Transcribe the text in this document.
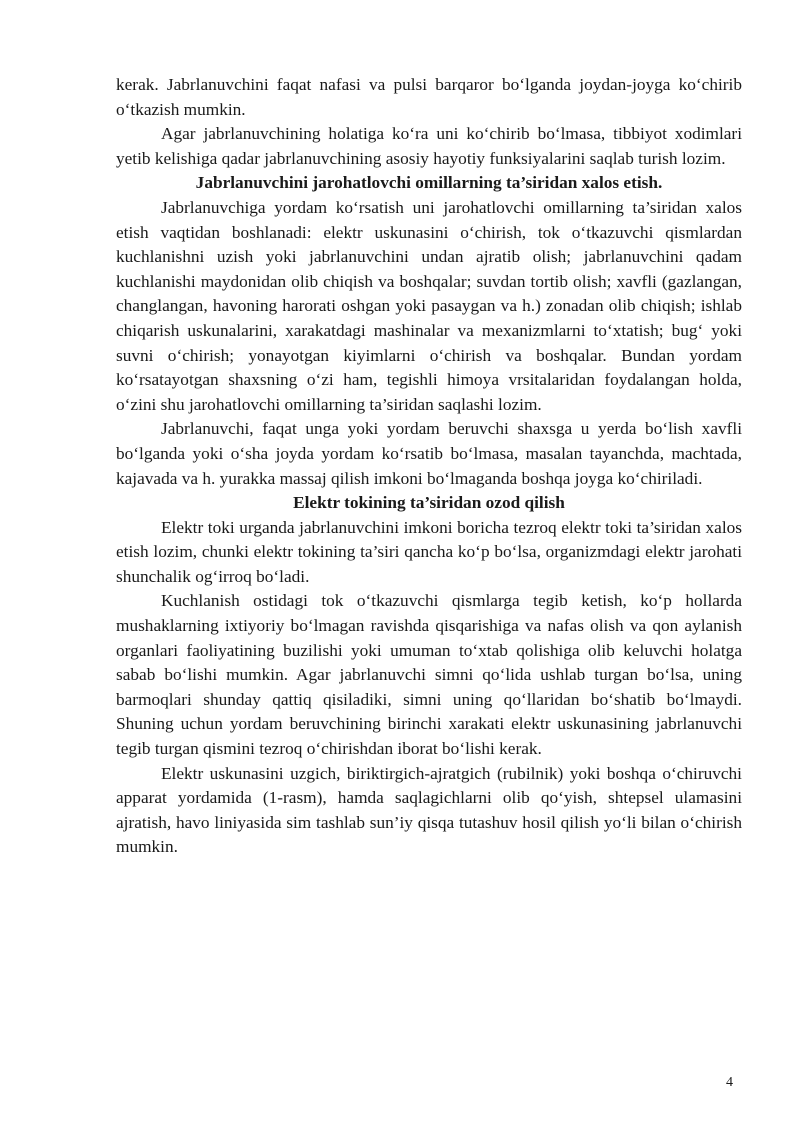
kerak. Jabrlanuvchini faqat nafasi va pulsi barqaror bo‘lganda joydan-joyga ko‘chirib o‘tkazish mumkin.

Agar jabrlanuvchining holatiga ko‘ra uni ko‘chirib bo‘lmasa, tibbiyot xodimlari yetib kelishiga qadar jabrlanuvchining asosiy hayotiy funksiyalarini saqlab turish lozim.

Jabrlanuvchini jarohatlovchi omillarning ta’siridan xalos etish.

Jabrlanuvchiga yordam ko‘rsatish uni jarohatlovchi omillarning ta’siridan xalos etish vaqtidan boshlanadi: elektr uskunasini o‘chirish, tok o‘tkazuvchi qismlardan kuchlanishni uzish yoki jabrlanuvchini undan ajratib olish; jabrlanuvchini qadam kuchlanishi maydonidan olib chiqish va boshqalar; suvdan tortib olish; xavfli (gazlangan, changlangan, havoning harorati oshgan yoki pasaygan va h.) zonadan olib chiqish; ishlab chiqarish uskunalarini, xarakatdagi mashinalar va mexanizmlarni to‘xtatish; bug‘ yoki suvni o‘chirish; yonayotgan kiyimlarni o‘chirish va boshqalar. Bundan yordam ko‘rsatayotgan shaxsning o‘zi ham, tegishli himoya vrsitalaridan foydalangan holda, o‘zini shu jarohatlovchi omillarning ta’siridan saqlashi lozim.

Jabrlanuvchi, faqat unga yoki yordam beruvchi shaxsga u yerda bo‘lish xavfli bo‘lganda yoki o‘sha joyda yordam ko‘rsatib bo‘lmasa, masalan tayanchda, machtada, kajavada va h. yurakka massaj qilish imkoni bo‘lmaganda boshqa joyga ko‘chiriladi.

Elektr tokining ta’siridan ozod qilish

Elektr toki urganda jabrlanuvchini imkoni boricha tezroq elektr toki ta’siridan xalos etish lozim, chunki elektr tokining ta’siri qancha ko‘p bo‘lsa, organizmdagi elektr jarohati shunchalik og‘irroq bo‘ladi.

Kuchlanish ostidagi tok o‘tkazuvchi qismlarga tegib ketish, ko‘p hollarda mushaklarning ixtiyoriy bo‘lmagan ravishda qisqarishiga va nafas olish va qon aylanish organlari faoliyatining buzilishi yoki umuman to‘xtab qolishiga olib keluvchi holatga sabab bo‘lishi mumkin. Agar jabrlanuvchi simni qo‘lida ushlab turgan bo‘lsa, uning barmoqlari shunday qattiq qisiladiki, simni uning qo‘llaridan bo‘shatib bo‘lmaydi. Shuning uchun yordam beruvchining birinchi xarakati elektr uskunasining jabrlanuvchi tegib turgan qismini tezroq o‘chirishdan iborat bo‘lishi kerak.

Elektr uskunasini uzgich, biriktirgich-ajratgich (rubilnik) yoki boshqa o‘chiruvchi apparat yordamida (1-rasm), hamda saqlagichlarni olib qo‘yish, shtepsel ulamasini ajratish, havo liniyasida sim tashlab sun’iy qisqa tutashuv hosil qilish yo‘li bilan o‘chirish mumkin.

4
